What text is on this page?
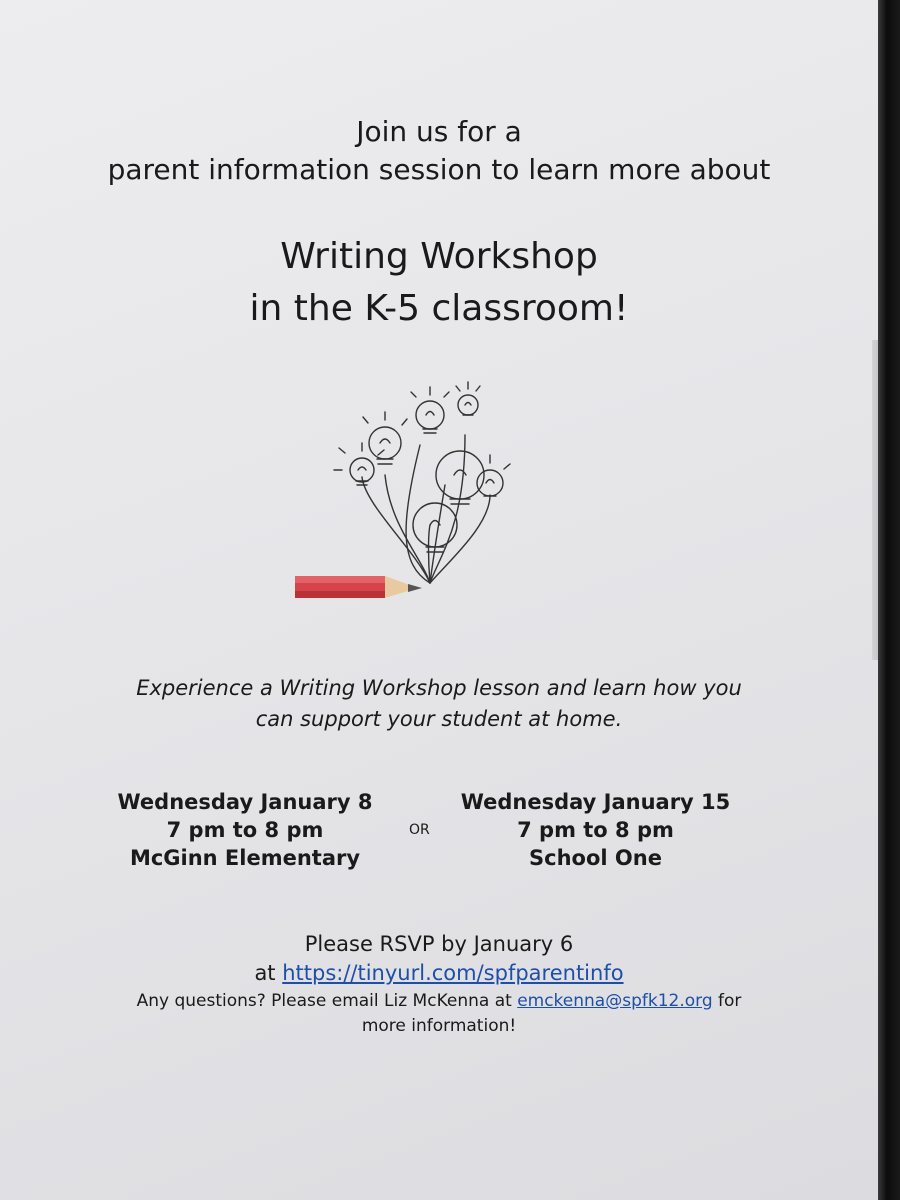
Join us for a
parent information session to learn more about
Writing Workshop
in the K-5 classroom!
Experience a Writing Workshop lesson and learn how you
can support your student at home.
Wednesday January 8
7 pm to 8 pm
McGinn Elementary
OR
Wednesday January 15
7 pm to 8 pm
School One
Please RSVP by January 6
at https://tinyurl.com/spfparentinfo
Any questions? Please email Liz McKenna at emckenna@spfk12.org for
more information!
